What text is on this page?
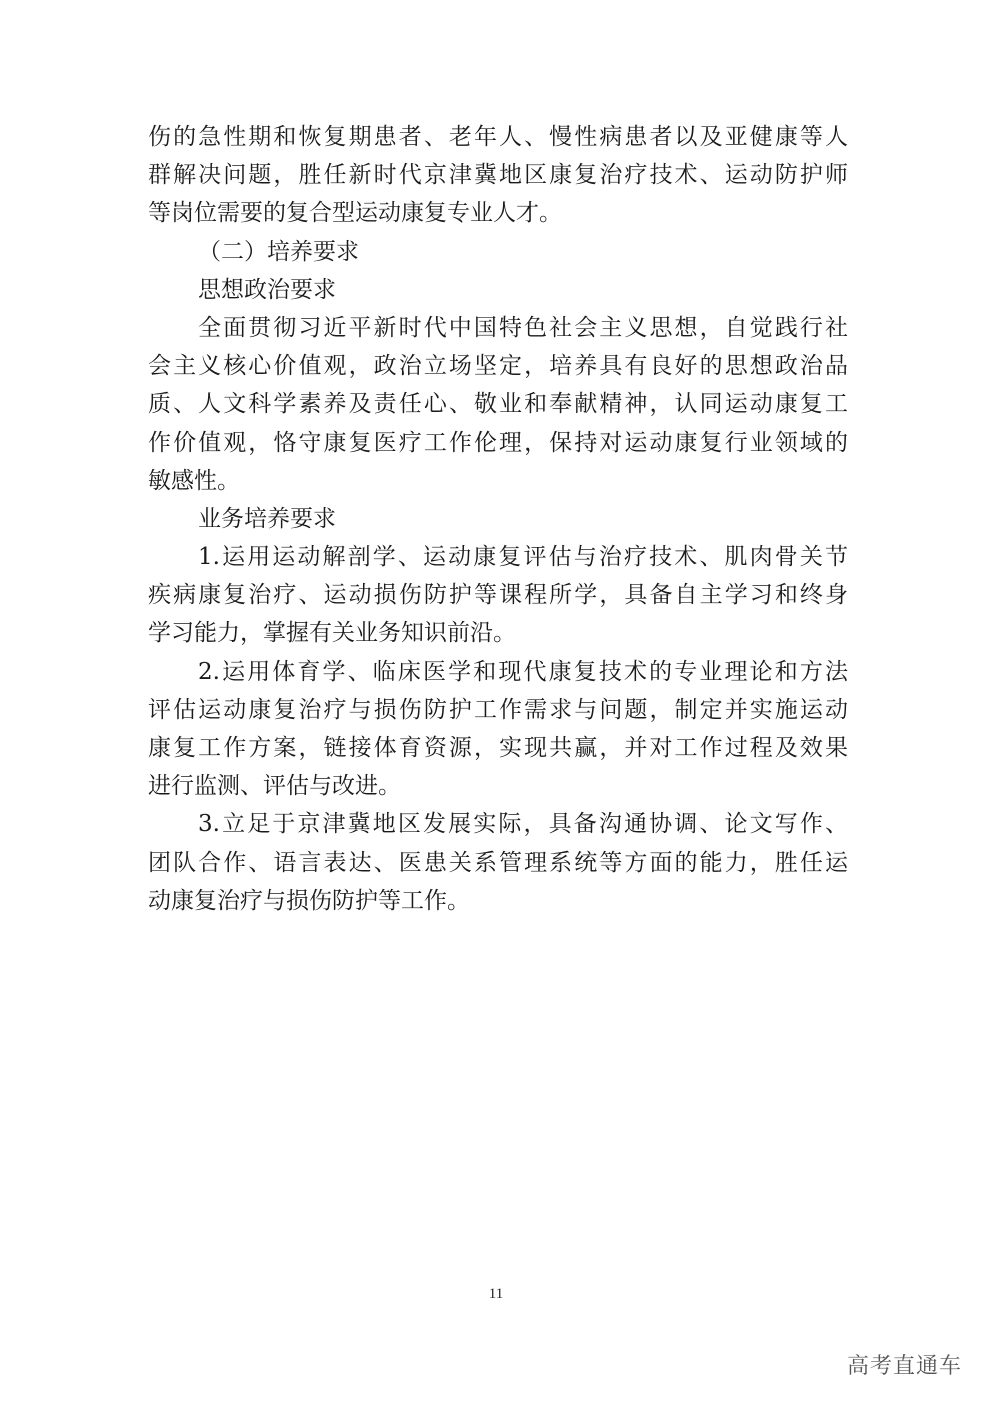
伤的急性期和恢复期患者、老年人、慢性病患者以及亚健康等人
群解决问题，胜任新时代京津冀地区康复治疗技术、运动防护师
等岗位需要的复合型运动康复专业人才。
（二）培养要求
思想政治要求
全面贯彻习近平新时代中国特色社会主义思想，自觉践行社
会主义核心价值观，政治立场坚定，培养具有良好的思想政治品
质、人文科学素养及责任心、敬业和奉献精神，认同运动康复工
作价值观，恪守康复医疗工作伦理，保持对运动康复行业领域的
敏感性。
业务培养要求
1.运用运动解剖学、运动康复评估与治疗技术、肌肉骨关节
疾病康复治疗、运动损伤防护等课程所学，具备自主学习和终身
学习能力，掌握有关业务知识前沿。
2.运用体育学、临床医学和现代康复技术的专业理论和方法
评估运动康复治疗与损伤防护工作需求与问题，制定并实施运动
康复工作方案，链接体育资源，实现共赢，并对工作过程及效果
进行监测、评估与改进。
3.立足于京津冀地区发展实际，具备沟通协调、论文写作、
团队合作、语言表达、医患关系管理系统等方面的能力，胜任运
动康复治疗与损伤防护等工作。
11
高考直通车
